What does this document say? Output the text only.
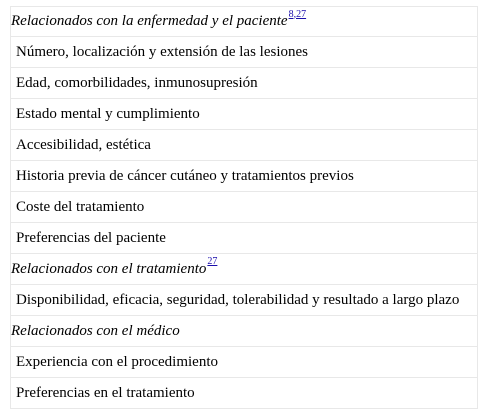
Relacionados con la enfermedad y el paciente 8,27
Número, localización y extensión de las lesiones
Edad, comorbilidades, inmunosupresión
Estado mental y cumplimiento
Accesibilidad, estética
Historia previa de cáncer cutáneo y tratamientos previos
Coste del tratamiento
Preferencias del paciente
Relacionados con el tratamiento 27
Disponibilidad, eficacia, seguridad, tolerabilidad y resultado a largo plazo
Relacionados con el médico
Experiencia con el procedimiento
Preferencias en el tratamiento
